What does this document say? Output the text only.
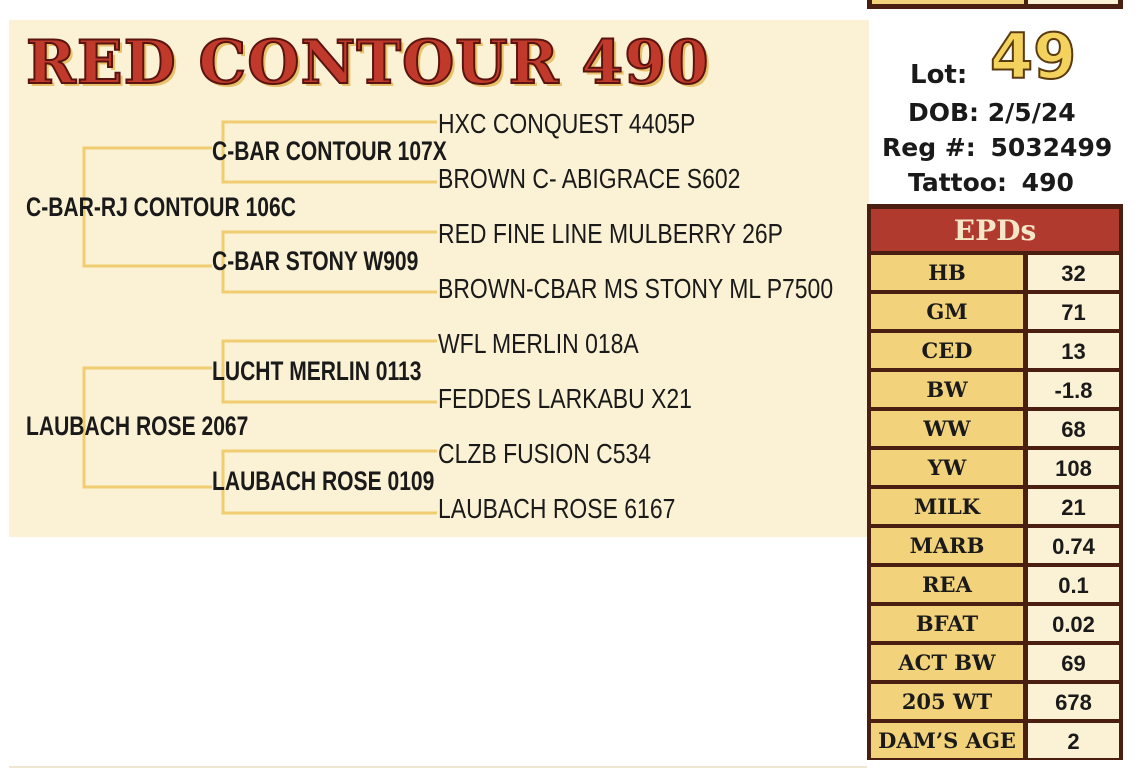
RED CONTOUR 490
C-BAR-RJ CONTOUR 106C
LAUBACH ROSE 2067
C-BAR CONTOUR 107X
C-BAR STONY W909
LUCHT MERLIN 0113
LAUBACH ROSE 0109
HXC CONQUEST 4405P
BROWN C- ABIGRACE S602
RED FINE LINE MULBERRY 26P
BROWN-CBAR MS STONY ML P7500
WFL MERLIN 018A
FEDDES LARKABU X21
CLZB FUSION C534
LAUBACH ROSE 6167
Lot: 49
DOB: 2/5/24
Reg #: 5032499
Tattoo: 490
EPDs
HB	32
GM	71
CED	13
BW	-1.8
WW	68
YW	108
MILK	21
MARB	0.74
REA	0.1
BFAT	0.02
ACT BW	69
205 WT	678
DAM’S AGE	2
